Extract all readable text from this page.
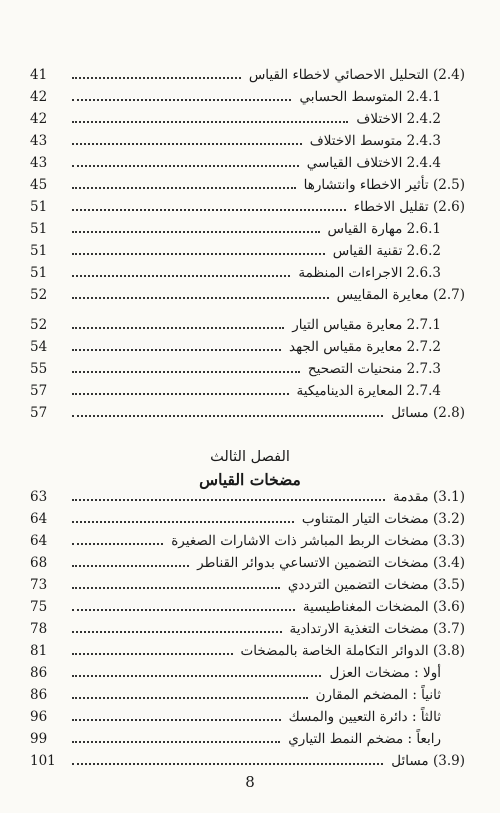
(2.4) التحليل الاحصائي لاخطاء القياس
41
2.4.1 المتوسط الحسابي
42
2.4.2 الاختلاف
42
2.4.3 متوسط الاختلاف
43
2.4.4 الاختلاف القياسي
43
(2.5) تأثير الاخطاء وانتشارها
45
(2.6) تقليل الاخطاء
51
2.6.1 مهارة القياس
51
2.6.2 تقنية القياس
51
2.6.3 الاجراءات المنظمة
51
(2.7) معايرة المقاييس
52
2.7.1 معايرة مقياس التيار
52
2.7.2 معايرة مقياس الجهد
54
2.7.3 منحنيات التصحيح
55
2.7.4 المعايرة الديناميكية
57
(2.8) مسائل
57
الفصل الثالث
مضخات القياس
(3.1) مقدمة
63
(3.2) مضخات التيار المتناوب
64
(3.3) مضخات الربط المباشر ذات الاشارات الصغيرة
64
(3.4) مضخات التضمين الاتساعي بدوائر القناطر
68
(3.5) مضخات التضمين الترددي
73
(3.6) المضخات المغناطيسية
75
(3.7) مضخات التغذية الارتدادية
78
(3.8) الدوائر التكاملة الخاصة بالمضخات
81
أولا : مضخات العزل
86
ثانياً : المضخم المقارن
86
ثالثاً : دائرة التعيين والمسك
96
رابعاً : مضخم النمط التياري
99
(3.9) مسائل
101
8
